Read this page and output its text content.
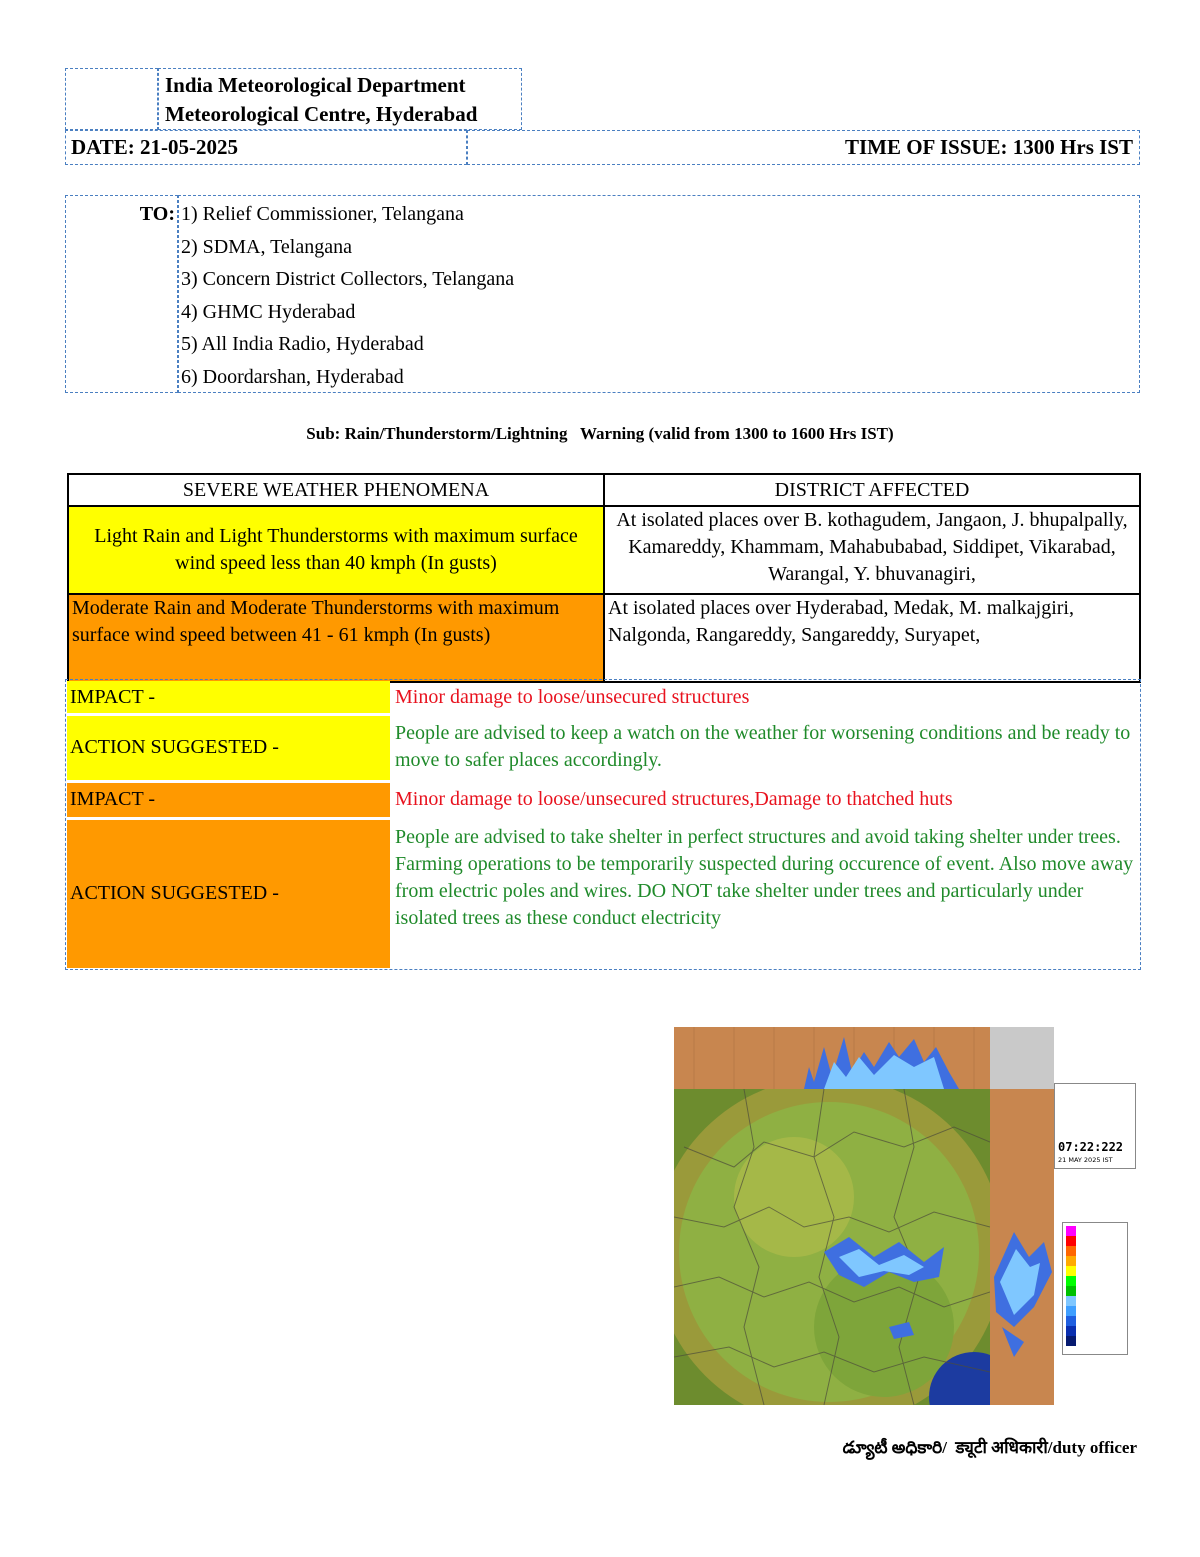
India Meteorological Department
Meteorological Centre, Hyderabad
DATE: 21-05-2025	TIME OF ISSUE: 1300 Hrs IST
TO: 1) Relief Commissioner, Telangana
2) SDMA, Telangana
3) Concern District Collectors, Telangana
4) GHMC Hyderabad
5) All India Radio, Hyderabad
6) Doordarshan, Hyderabad
Sub: Rain/Thunderstorm/Lightning   Warning (valid from 1300 to 1600 Hrs IST)
SEVERE WEATHER PHENOMENA	DISTRICT AFFECTED

Light Rain and Light Thunderstorms with maximum surface wind speed less than 40 kmph (In gusts)	At isolated places over B. kothagudem, Jangaon, J. bhupalpally, Kamareddy, Khammam, Mahabubabad, Siddipet, Vikarabad, Warangal, Y. bhuvanagiri,

Moderate Rain and Moderate Thunderstorms with maximum surface wind speed between 41 - 61 kmph (In gusts)	At isolated places over Hyderabad, Medak, M. malkajgiri, Nalgonda, Rangareddy, Sangareddy, Suryapet,
IMPACT -	Minor damage to loose/unsecured structures
ACTION SUGGESTED -
People are advised to keep a watch on the weather for worsening conditions and be ready to move to safer places accordingly.
IMPACT -	Minor damage to loose/unsecured structures,Damage to thatched huts
ACTION SUGGESTED -
People are advised to take shelter in perfect structures and avoid taking shelter under trees. Farming operations to be temporarily suspected during occurence of event. Also move away from electric poles and wires. DO NOT take shelter under trees and particularly under isolated trees as these conduct electricity
07:22:222
21 MAY 2025 IST
డ్యూటీ అధికారి/  ड्यूटी अधिकारी/duty officer
